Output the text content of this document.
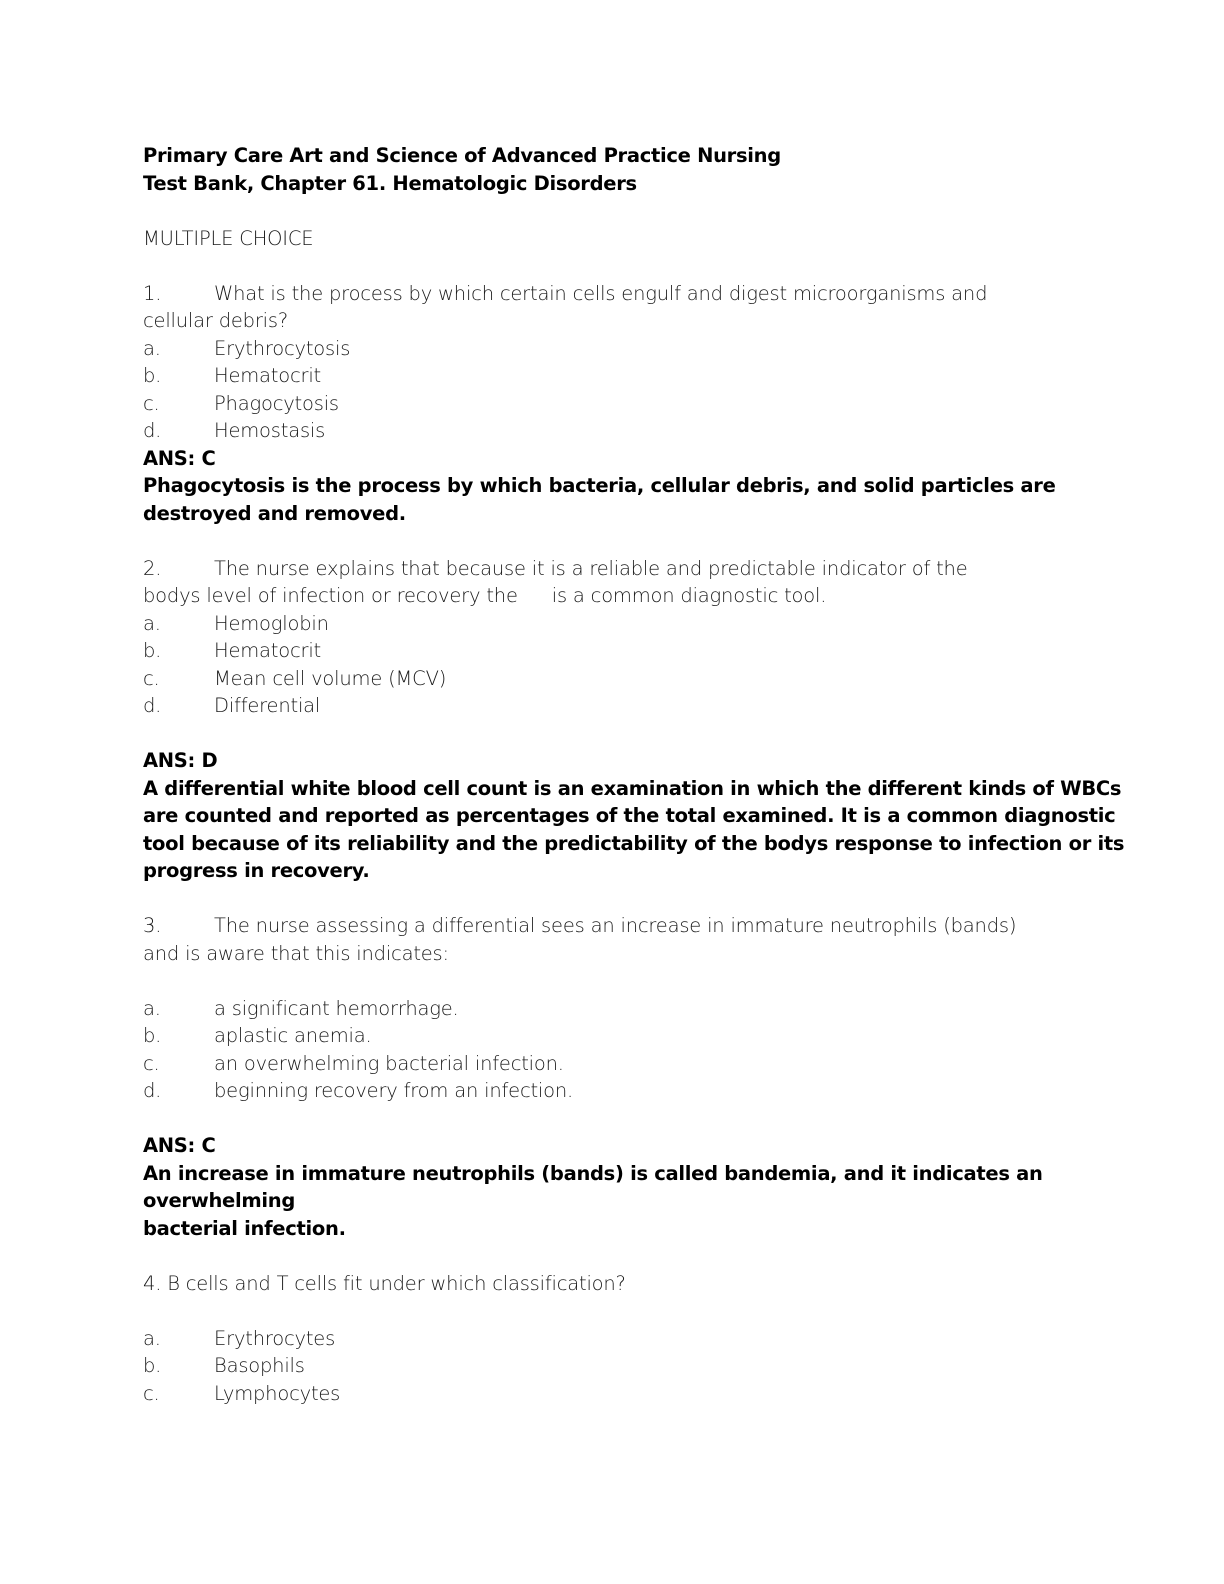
Primary Care Art and Science of Advanced Practice Nursing
Test Bank, Chapter 61. Hematologic Disorders
MULTIPLE CHOICE
1.	What is the process by which certain cells engulf and digest microorganisms and
cellular debris?
a.	Erythrocytosis
b.	Hematocrit
c.	Phagocytosis
d.	Hemostasis
ANS: C
Phagocytosis is the process by which bacteria, cellular debris, and solid particles are
destroyed and removed.
2.	The nurse explains that because it is a reliable and predictable indicator of the
bodys level of infection or recovery the is a common diagnostic tool.
a.	Hemoglobin
b.	Hematocrit
c.	Mean cell volume (MCV)
d.	Differential
ANS: D
A differential white blood cell count is an examination in which the different kinds of WBCs
are counted and reported as percentages of the total examined. It is a common diagnostic
tool because of its reliability and the predictability of the bodys response to infection or its
progress in recovery.
3.	The nurse assessing a differential sees an increase in immature neutrophils (bands)
and is aware that this indicates:
a.	a significant hemorrhage.
b.	aplastic anemia.
c.	an overwhelming bacterial infection.
d.	beginning recovery from an infection.
ANS: C
An increase in immature neutrophils (bands) is called bandemia, and it indicates an
overwhelming
bacterial infection.
4. B cells and T cells fit under which classification?
a.	Erythrocytes
b.	Basophils
c.	Lymphocytes
